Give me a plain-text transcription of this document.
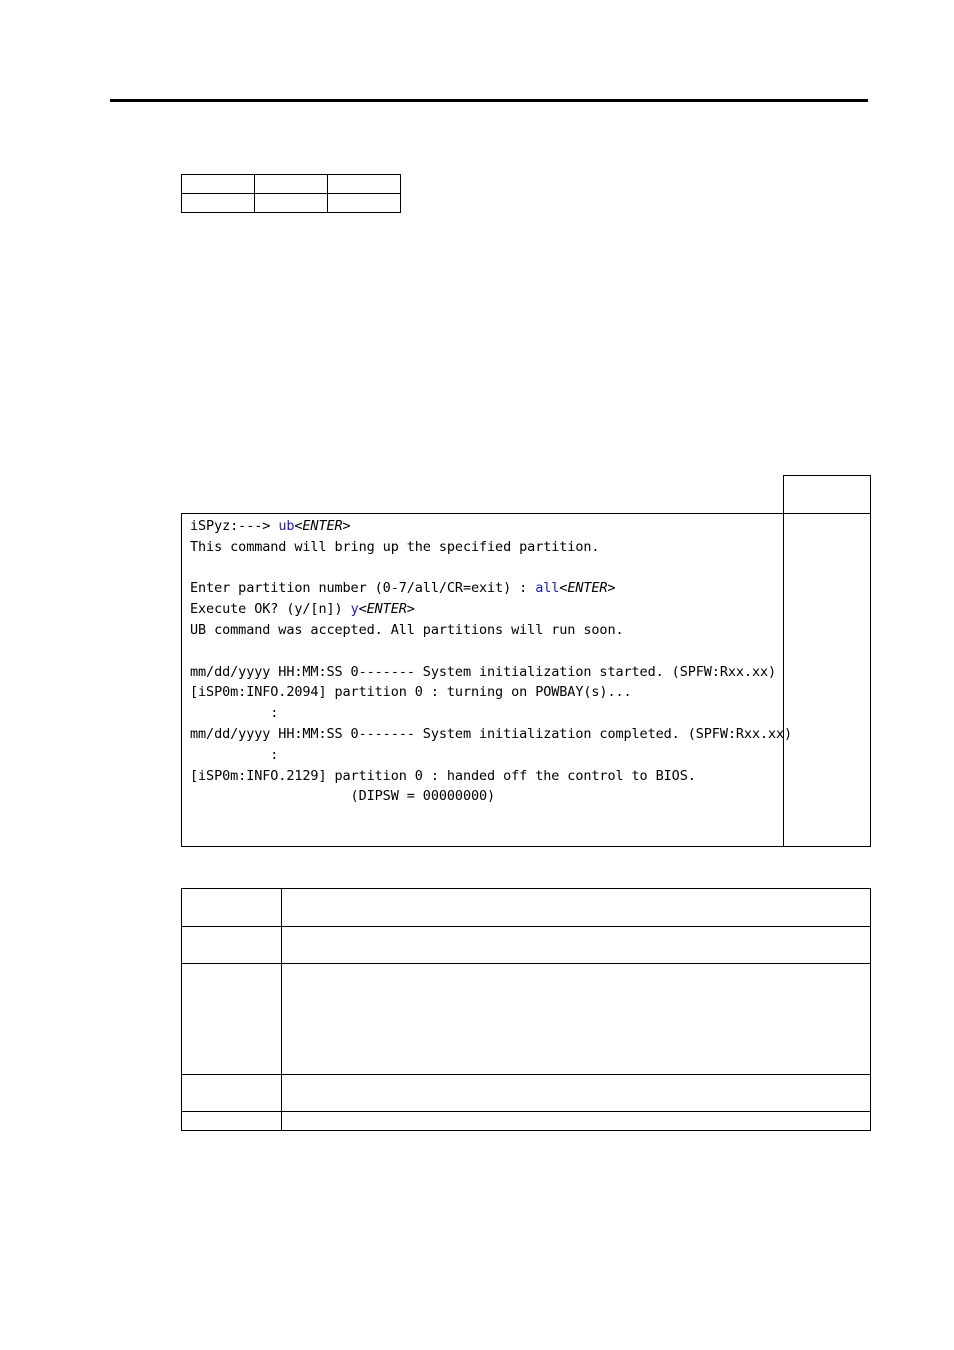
iSPyz:---> ub<ENTER>
This command will bring up the specified partition.
Enter partition number (0-7/all/CR=exit) : all<ENTER>
Execute OK? (y/[n]) y<ENTER>
UB command was accepted. All partitions will run soon.
mm/dd/yyyy HH:MM:SS 0------- System initialization started. (SPFW:Rxx.xx)
[iSP0m:INFO.2094] partition 0 : turning on POWBAY(s)...
:
mm/dd/yyyy HH:MM:SS 0------- System initialization completed. (SPFW:Rxx.xx)
:
[iSP0m:INFO.2129] partition 0 : handed off the control to BIOS.
(DIPSW = 00000000)
